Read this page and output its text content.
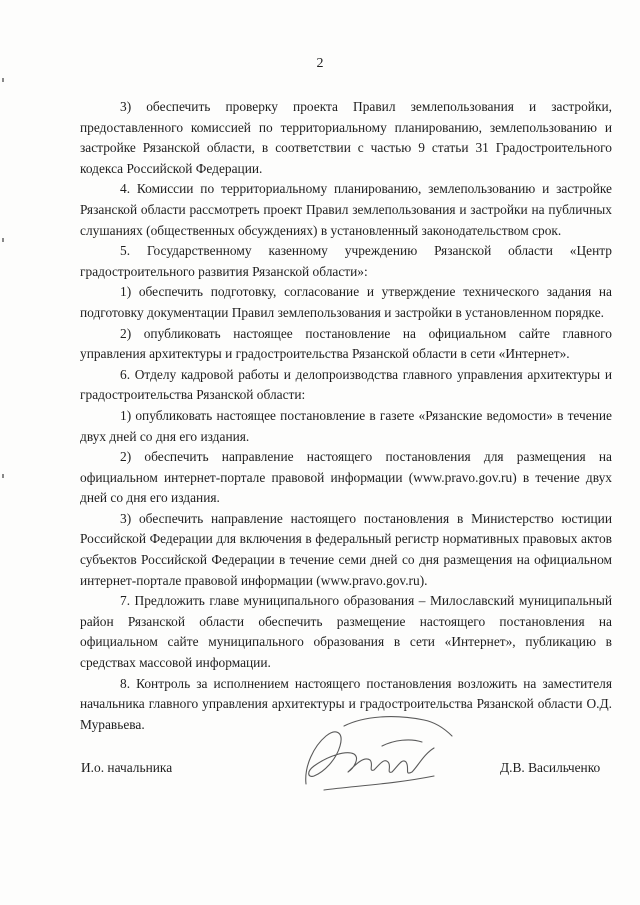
2

3) обеспечить проверку проекта Правил землепользования и застройки, предоставленного комиссией по территориальному планированию, землепользованию и застройке Рязанской области, в соответствии с частью 9 статьи 31 Градостроительного кодекса Российской Федерации.

4. Комиссии по территориальному планированию, землепользованию и застройке Рязанской области рассмотреть проект Правил землепользования и застройки на публичных слушаниях (общественных обсуждениях) в установленный законодательством срок.

5. Государственному казенному учреждению Рязанской области «Центр градостроительного развития Рязанской области»:

1) обеспечить подготовку, согласование и утверждение технического задания на подготовку документации Правил землепользования и застройки в установленном порядке.

2) опубликовать настоящее постановление на официальном сайте главного управления архитектуры и градостроительства Рязанской области в сети «Интернет».

6. Отделу кадровой работы и делопроизводства главного управления архитектуры и градостроительства Рязанской области:

1) опубликовать настоящее постановление в газете «Рязанские ведомости» в течение двух дней со дня его издания.

2) обеспечить направление настоящего постановления для размещения на официальном интернет-портале правовой информации (www.pravo.gov.ru) в течение двух дней со дня его издания.

3) обеспечить направление настоящего постановления в Министерство юстиции Российской Федерации для включения в федеральный регистр нормативных правовых актов субъектов Российской Федерации в течение семи дней со дня размещения на официальном интернет-портале правовой информации (www.pravo.gov.ru).

7. Предложить главе муниципального образования – Милославский муниципальный район Рязанской области обеспечить размещение настоящего постановления на официальном сайте муниципального образования в сети «Интернет», публикацию в средствах массовой информации.

8. Контроль за исполнением настоящего постановления возложить на заместителя начальника главного управления архитектуры и градостроительства Рязанской области О.Д. Муравьева.

И.о. начальника	Д.В. Васильченко
